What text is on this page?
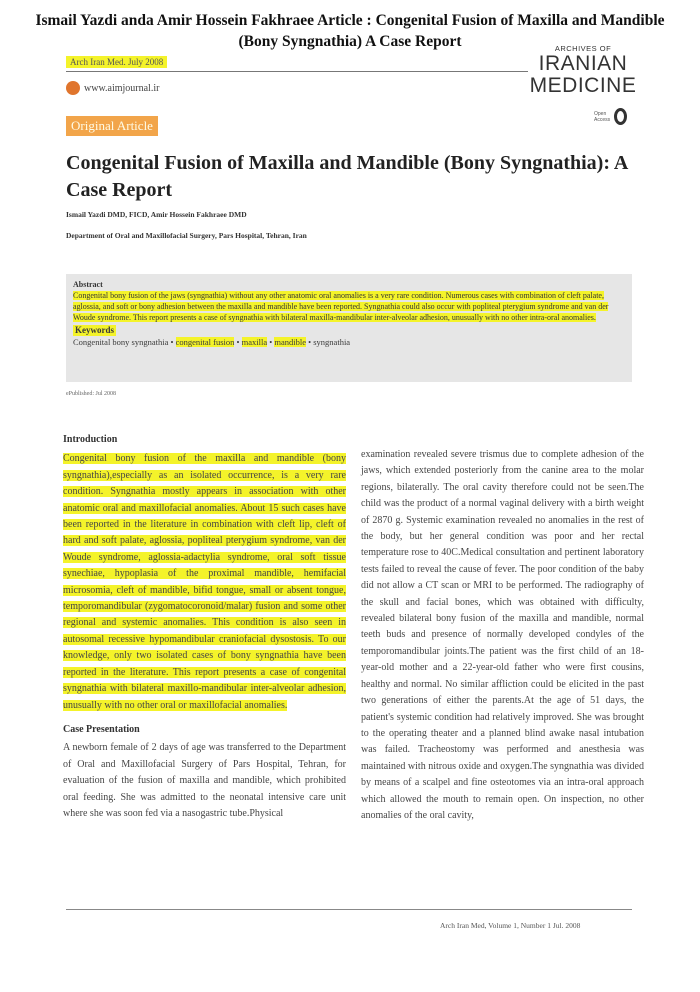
Ismail Yazdi anda Amir Hossein Fakhraee Article : Congenital Fusion of Maxilla and Mandible
(Bony Syngnathia) A Case Report
Arch Iran Med. July 2008
ARCHIVES OF
IRANIAN
MEDICINE
www.aimjournal.ir
Open Access
Original Article
Congenital Fusion of Maxilla and Mandible (Bony Syngnathia): A Case Report
Ismail Yazdi DMD, FICD, Amir Hossein Fakhraee DMD
Department of Oral and Maxillofacial Surgery, Pars Hospital, Tehran, Iran
Abstract
Congenital bony fusion of the jaws (syngnathia) without any other anatomic oral anomalies is a very rare condition. Numerous cases with combination of cleft palate, aglossia, and soft or bony adhesion between the maxilla and mandible have been reported. Syngnathia could also occur with popliteal pterygium syndrome and van der Woude syndrome. This report presents a case of syngnathia with bilateral maxilla-mandibular inter-alveolar adhesion, unusually with no other intra-oral anomalies.
Keywords
Congenital bony syngnathia • congenital fusion • maxilla • mandible • syngnathia
ePublished: Jul 2008
Introduction

Congenital bony fusion of the maxilla and mandible (bony syngnathia),especially as an isolated occurrence, is a very rare condition. Syngnathia mostly appears in association with other anatomic oral and maxillofacial anomalies. About 15 such cases have been reported in the literature in combination with cleft lip, cleft of hard and soft palate, aglossia, popliteal pterygium syndrome, van der Woude syndrome, aglossia-adactylia syndrome, oral soft tissue synechiae, hypoplasia of the proximal mandible, hemifacial microsomia, cleft of mandible, bifid tongue, small or absent tongue, temporomandibular (zygomatocoronoid/malar) fusion and some other regional and systemic anomalies. This condition is also seen in autosomal recessive hypomandibular craniofacial dysostosis. To our knowledge, only two isolated cases of bony syngnathia have been reported in the literature. This report presents a case of congenital syngnathia with bilateral maxillo-mandibular inter-alveolar adhesion, unusually with no other oral or maxillofacial anomalies.

Case Presentation

A newborn female of 2 days of age was transferred to the Department of Oral and Maxillofacial Surgery of Pars Hospital, Tehran, for evaluation of the fusion of maxilla and mandible, which prohibited oral feeding. She was admitted to the neonatal intensive care unit where she was soon fed via a nasogastric tube.Physical

examination revealed severe trismus due to complete adhesion of the jaws, which extended posteriorly from the canine area to the molar regions, bilaterally. The oral cavity therefore could not be seen.The child was the product of a normal vaginal delivery with a birth weight of 2870 g. Systemic examination revealed no anomalies in the rest of the body, but her general condition was poor and her rectal temperature rose to 40C.Medical consultation and pertinent laboratory tests failed to reveal the cause of fever. The poor condition of the baby did not allow a CT scan or MRI to be performed. The radiography of the skull and facial bones, which was obtained with difficulty, revealed bilateral bony fusion of the maxilla and mandible, normal teeth buds and presence of normally developed condyles of the temporomandibular joints.The patient was the first child of an 18-year-old mother and a 22-year-old father who were first cousins, healthy and normal. No similar affliction could be elicited in the past two generations of either the parents.At the age of 51 days, the patient's systemic condition had relatively improved. She was brought to the operating theater and a planned blind awake nasal intubation was failed. Tracheostomy was performed and anesthesia was maintained with nitrous oxide and oxygen.The syngnathia was divided by means of a scalpel and fine osteotomes via an intra-oral approach which allowed the mouth to remain open. On inspection, no other anomalies of the oral cavity,

Arch Iran Med, Volume 1, Number 1 Jul. 2008
